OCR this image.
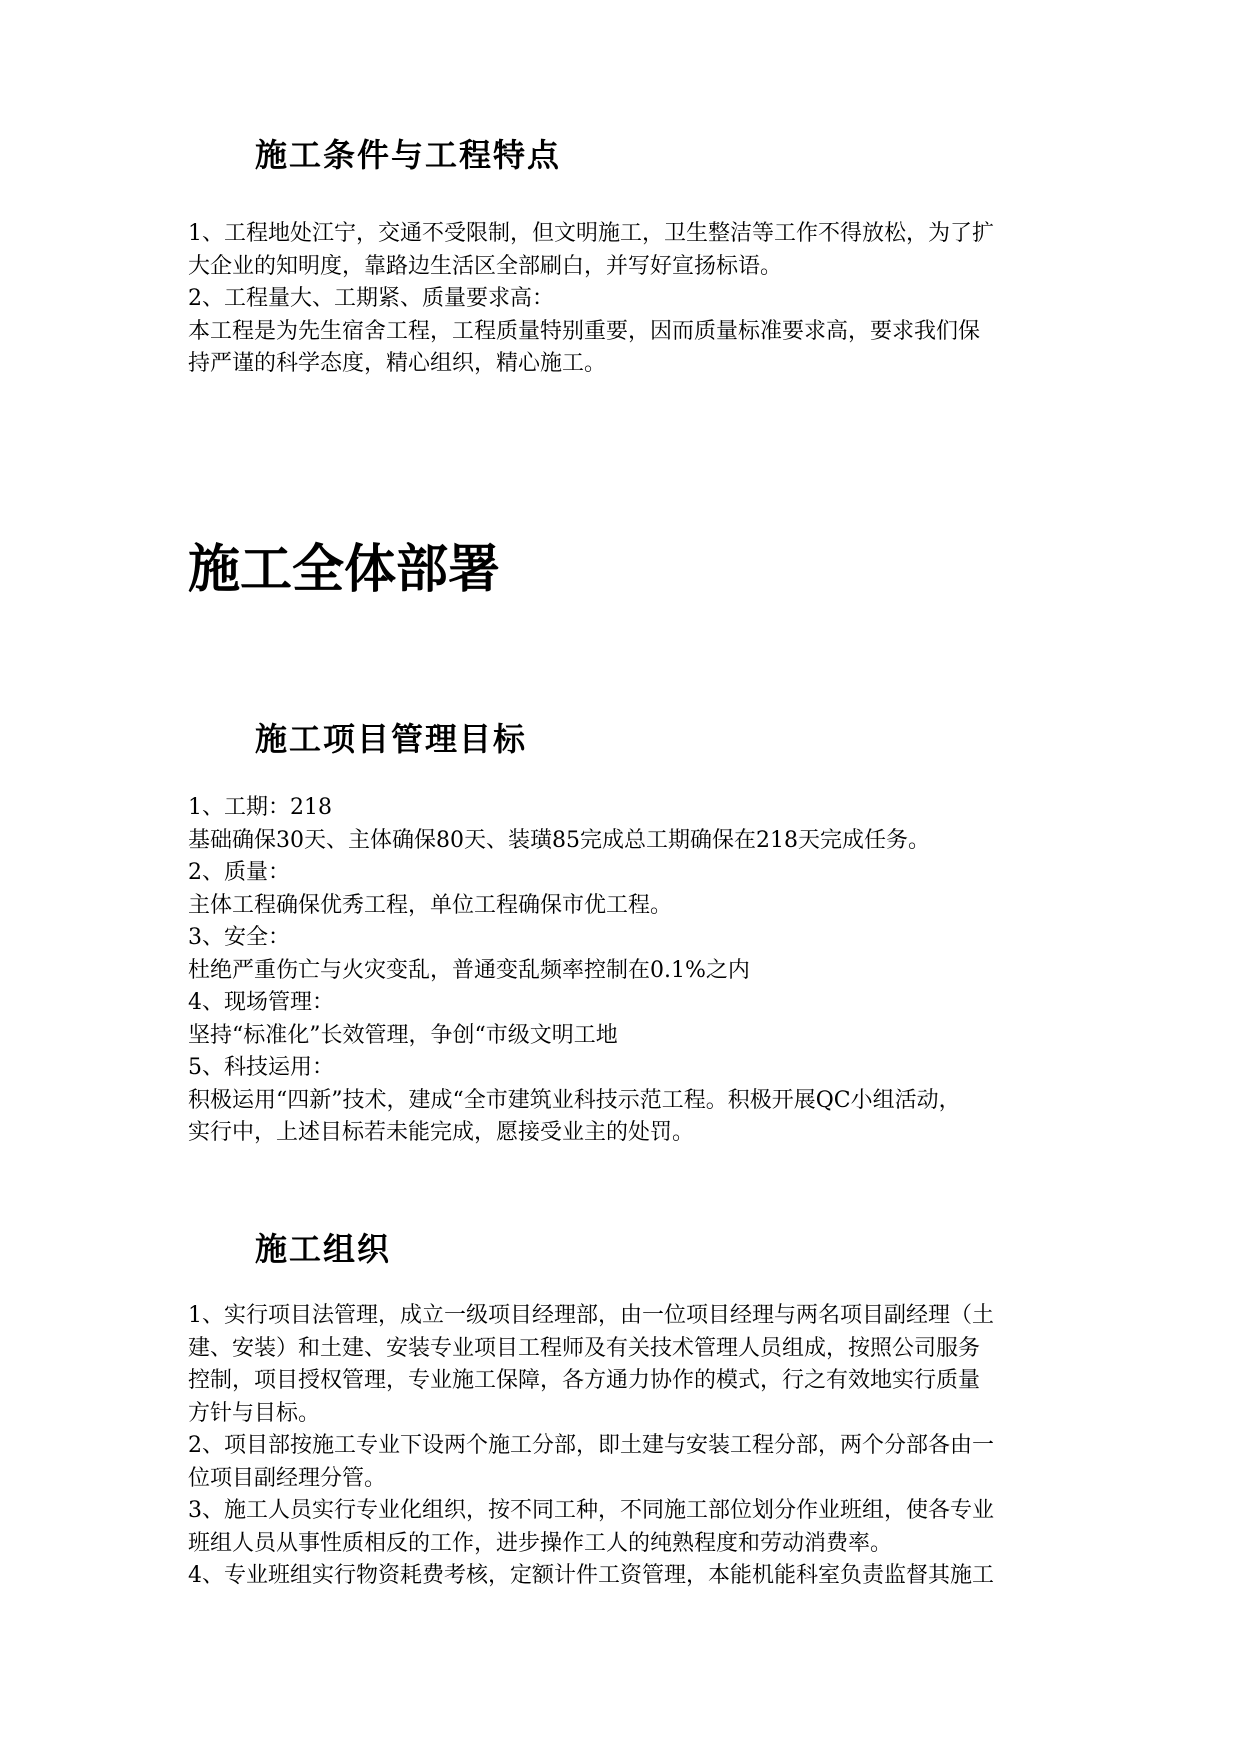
施工条件与工程特点
1、工程地处江宁，交通不受限制，但文明施工，卫生整洁等工作不得放松，为了扩
大企业的知明度，靠路边生活区全部刷白，并写好宣扬标语。
2、工程量大、工期紧、质量要求高：
本工程是为先生宿舍工程，工程质量特别重要，因而质量标准要求高，要求我们保
持严谨的科学态度，精心组织，精心施工。
施工全体部署
施工项目管理目标
1、工期：218
基础确保30天、主体确保80天、装璜85完成总工期确保在218天完成任务。
2、质量：
主体工程确保优秀工程，单位工程确保市优工程。
3、安全：
杜绝严重伤亡与火灾变乱，普通变乱频率控制在0.1%之内
4、现场管理：
坚持“标准化”长效管理，争创“市级文明工地
5、科技运用：
积极运用“四新”技术，建成“全市建筑业科技示范工程。积极开展QC小组活动，
实行中，上述目标若未能完成，愿接受业主的处罚。
施工组织
1、实行项目法管理，成立一级项目经理部，由一位项目经理与两名项目副经理（土
建、安装）和土建、安装专业项目工程师及有关技术管理人员组成，按照公司服务
控制，项目授权管理，专业施工保障，各方通力协作的模式，行之有效地实行质量
方针与目标。
2、项目部按施工专业下设两个施工分部，即土建与安装工程分部，两个分部各由一
位项目副经理分管。
3、施工人员实行专业化组织，按不同工种，不同施工部位划分作业班组，使各专业
班组人员从事性质相反的工作，进步操作工人的纯熟程度和劳动消费率。
4、专业班组实行物资耗费考核，定额计件工资管理，本能机能科室负责监督其施工
